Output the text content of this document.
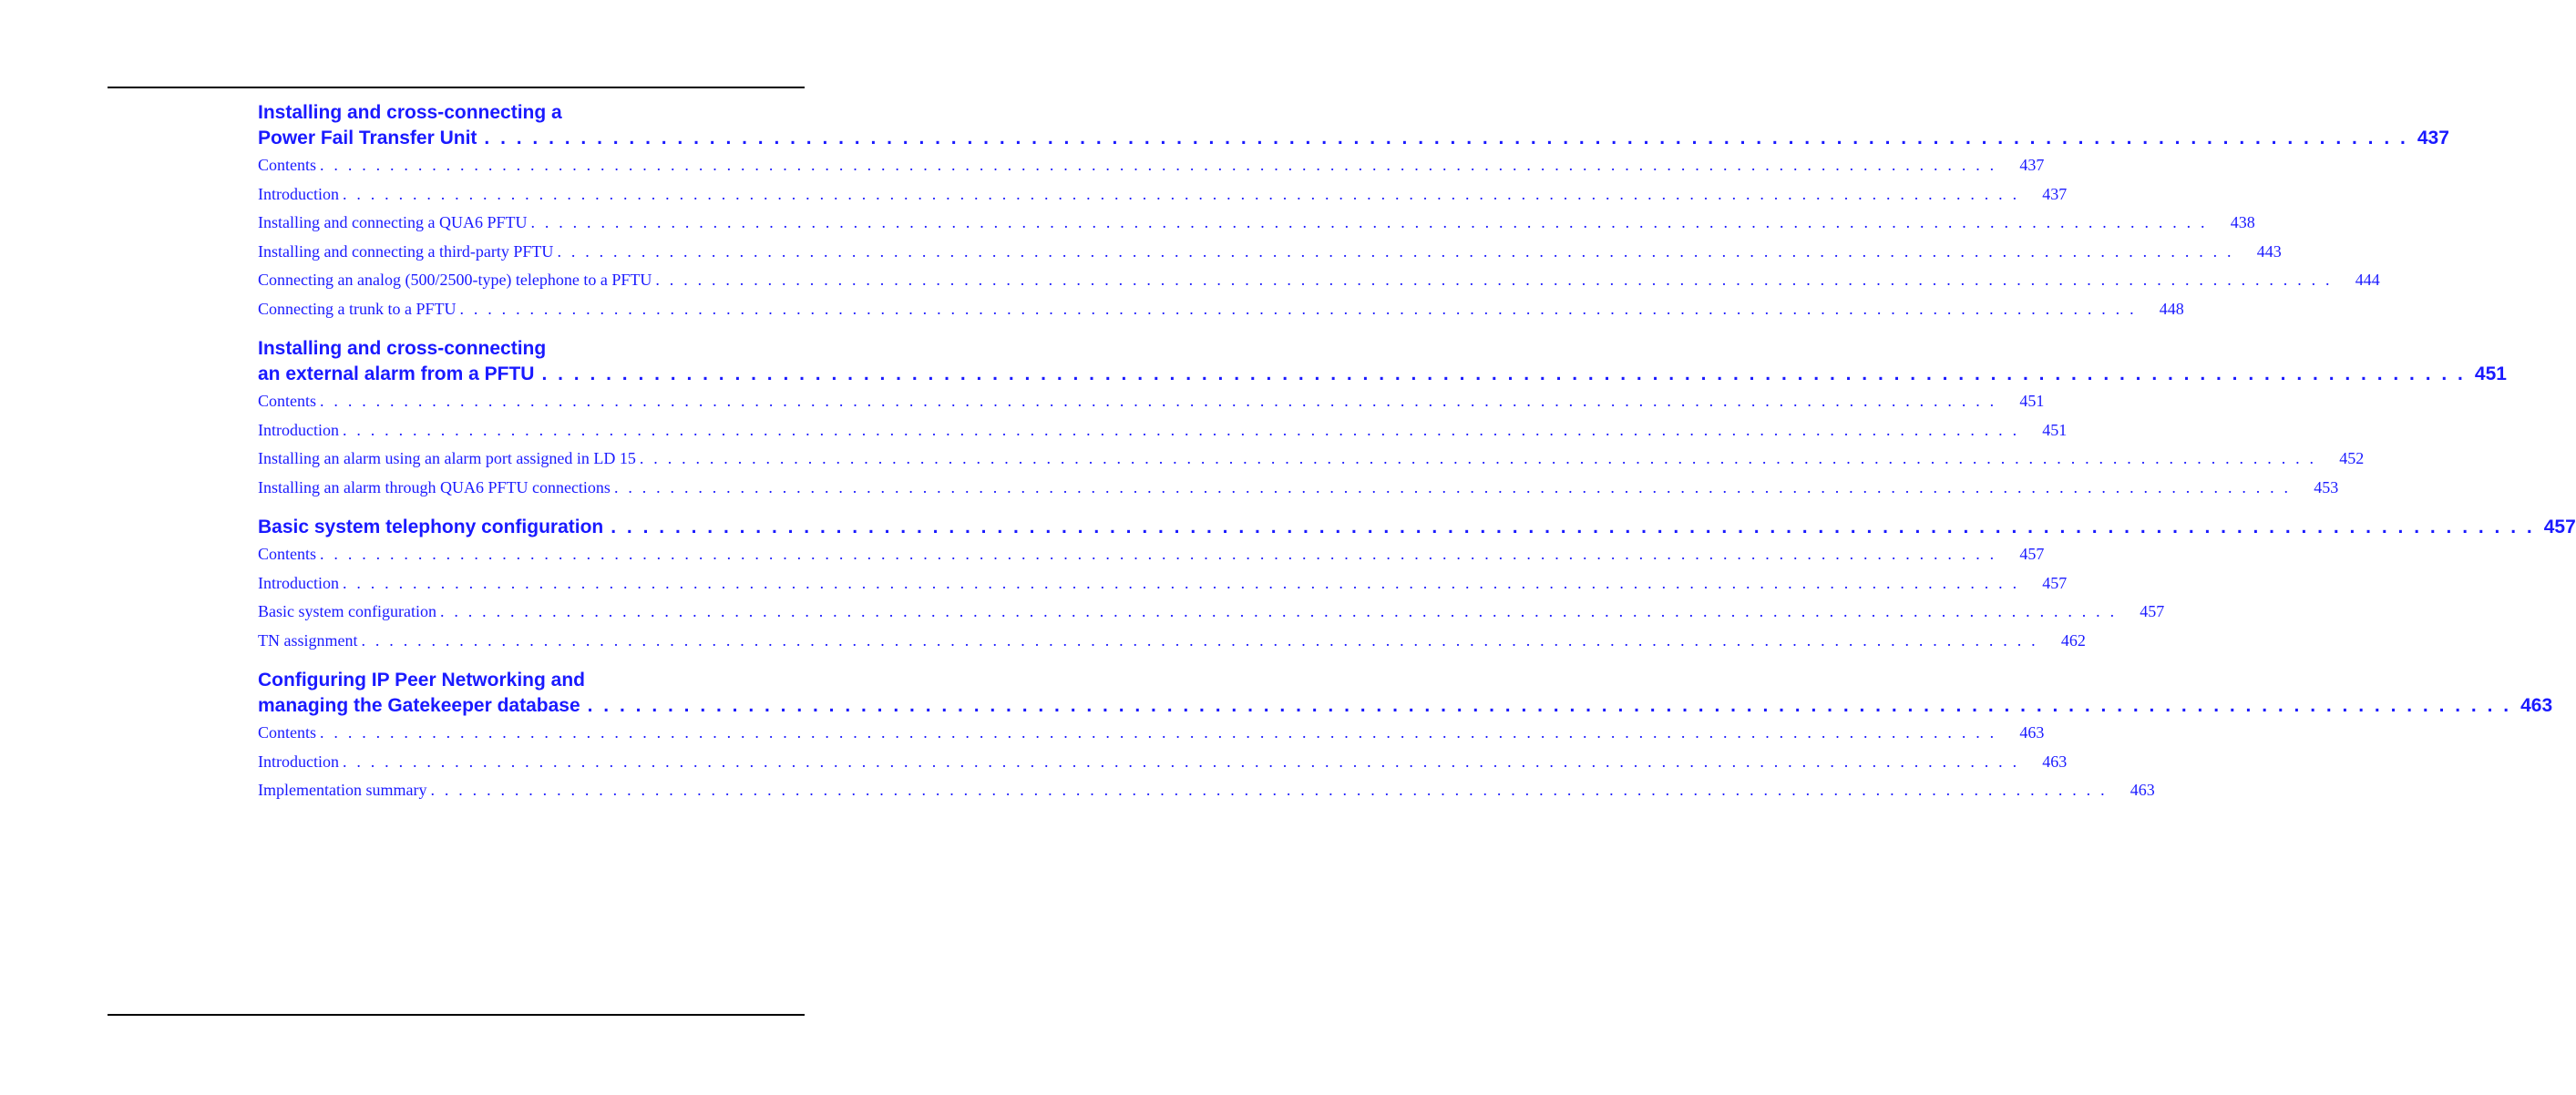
Installing and cross-connecting a
Power Fail Transfer Unit . . . . . . . . . . . . . . . . . . . . . . . . . . . . . . . . . . . . . . . . . . . . . . . . . . . . . . . . . . . . . . . . . . . . . . . . . . . . . . . . . . . . . . . . . . . . . . . . . . . . . . . . . . . . . . . . . . . . . . . . 437
Contents . . . . . . . . . . . . . . . . . . . . . . . . . . . . . . . . . . . . . . . . . . . . . . . . . . . . . . . . . . . . . . . . . . . . . . . . . . . . . . . . . . . . . . . . . . . . . . . . . . . . . . . . . . . . . . . . . . . . . . . . 437
Introduction . . . . . . . . . . . . . . . . . . . . . . . . . . . . . . . . . . . . . . . . . . . . . . . . . . . . . . . . . . . . . . . . . . . . . . . . . . . . . . . . . . . . . . . . . . . . . . . . . . . . . . . . . . . . . . . . . . . . . . . . 437
Installing and connecting a QUA6 PFTU . . . . . . . . . . . . . . . . . . . . . . . . . . . . . . . . . . . . . . . . . . . . . . . . . . . . . . . . . . . . . . . . . . . . . . . . . . . . . . . . . . . . . . . . . . . . . . . . . . . . . . . . . . . . . . . . . . . . . . . . 438
Installing and connecting a third-party PFTU . . . . . . . . . . . . . . . . . . . . . . . . . . . . . . . . . . . . . . . . . . . . . . . . . . . . . . . . . . . . . . . . . . . . . . . . . . . . . . . . . . . . . . . . . . . . . . . . . . . . . . . . . . . . . . . . . . . . . . . . 443
Connecting an analog (500/2500-type) telephone to a PFTU . . . . . . . . . . . . . . . . . . . . . . . . . . . . . . . . . . . . . . . . . . . . . . . . . . . . . . . . . . . . . . . . . . . . . . . . . . . . . . . . . . . . . . . . . . . . . . . . . . . . . . . . . . . . . . . . . . . . . . . . 444
Connecting a trunk to a PFTU . . . . . . . . . . . . . . . . . . . . . . . . . . . . . . . . . . . . . . . . . . . . . . . . . . . . . . . . . . . . . . . . . . . . . . . . . . . . . . . . . . . . . . . . . . . . . . . . . . . . . . . . . . . . . . . . . . . . . . . . 448
Installing and cross-connecting
an external alarm from a PFTU . . . . . . . . . . . . . . . . . . . . . . . . . . . . . . . . . . . . . . . . . . . . . . . . . . . . . . . . . . . . . . . . . . . . . . . . . . . . . . . . . . . . . . . . . . . . . . . . . . . . . . . . . . . . . . . . . . . . . . . . 451
Contents . . . . . . . . . . . . . . . . . . . . . . . . . . . . . . . . . . . . . . . . . . . . . . . . . . . . . . . . . . . . . . . . . . . . . . . . . . . . . . . . . . . . . . . . . . . . . . . . . . . . . . . . . . . . . . . . . . . . . . . . 451
Introduction . . . . . . . . . . . . . . . . . . . . . . . . . . . . . . . . . . . . . . . . . . . . . . . . . . . . . . . . . . . . . . . . . . . . . . . . . . . . . . . . . . . . . . . . . . . . . . . . . . . . . . . . . . . . . . . . . . . . . . . . 451
Installing an alarm using an alarm port assigned in LD 15 . . . . . . . . . . . . . . . . . . . . . . . . . . . . . . . . . . . . . . . . . . . . . . . . . . . . . . . . . . . . . . . . . . . . . . . . . . . . . . . . . . . . . . . . . . . . . . . . . . . . . . . . . . . . . . . . . . . . . . . . 452
Installing an alarm through QUA6 PFTU connections . . . . . . . . . . . . . . . . . . . . . . . . . . . . . . . . . . . . . . . . . . . . . . . . . . . . . . . . . . . . . . . . . . . . . . . . . . . . . . . . . . . . . . . . . . . . . . . . . . . . . . . . . . . . . . . . . . . . . . . . 453
Basic system telephony configuration . . . . . . . . . . . . . . . . . . . . . . . . . . . . . . . . . . . . . . . . . . . . . . . . . . . . . . . . . . . . . . . . . . . . . . . . . . . . . . . . . . . . . . . . . . . . . . . . . . . . . . . . . . . . . . . . . . . . . . . . 457
Contents . . . . . . . . . . . . . . . . . . . . . . . . . . . . . . . . . . . . . . . . . . . . . . . . . . . . . . . . . . . . . . . . . . . . . . . . . . . . . . . . . . . . . . . . . . . . . . . . . . . . . . . . . . . . . . . . . . . . . . . . 457
Introduction . . . . . . . . . . . . . . . . . . . . . . . . . . . . . . . . . . . . . . . . . . . . . . . . . . . . . . . . . . . . . . . . . . . . . . . . . . . . . . . . . . . . . . . . . . . . . . . . . . . . . . . . . . . . . . . . . . . . . . . . 457
Basic system configuration . . . . . . . . . . . . . . . . . . . . . . . . . . . . . . . . . . . . . . . . . . . . . . . . . . . . . . . . . . . . . . . . . . . . . . . . . . . . . . . . . . . . . . . . . . . . . . . . . . . . . . . . . . . . . . . . . . . . . . . . 457
TN assignment . . . . . . . . . . . . . . . . . . . . . . . . . . . . . . . . . . . . . . . . . . . . . . . . . . . . . . . . . . . . . . . . . . . . . . . . . . . . . . . . . . . . . . . . . . . . . . . . . . . . . . . . . . . . . . . . . . . . . . . . 462
Configuring IP Peer Networking and
managing the Gatekeeper database . . . . . . . . . . . . . . . . . . . . . . . . . . . . . . . . . . . . . . . . . . . . . . . . . . . . . . . . . . . . . . . . . . . . . . . . . . . . . . . . . . . . . . . . . . . . . . . . . . . . . . . . . . . . . . . . . . . . . . . . 463
Contents . . . . . . . . . . . . . . . . . . . . . . . . . . . . . . . . . . . . . . . . . . . . . . . . . . . . . . . . . . . . . . . . . . . . . . . . . . . . . . . . . . . . . . . . . . . . . . . . . . . . . . . . . . . . . . . . . . . . . . . . 463
Introduction . . . . . . . . . . . . . . . . . . . . . . . . . . . . . . . . . . . . . . . . . . . . . . . . . . . . . . . . . . . . . . . . . . . . . . . . . . . . . . . . . . . . . . . . . . . . . . . . . . . . . . . . . . . . . . . . . . . . . . . . 463
Implementation summary . . . . . . . . . . . . . . . . . . . . . . . . . . . . . . . . . . . . . . . . . . . . . . . . . . . . . . . . . . . . . . . . . . . . . . . . . . . . . . . . . . . . . . . . . . . . . . . . . . . . . . . . . . . . . . . . . . . . . . . . 463
